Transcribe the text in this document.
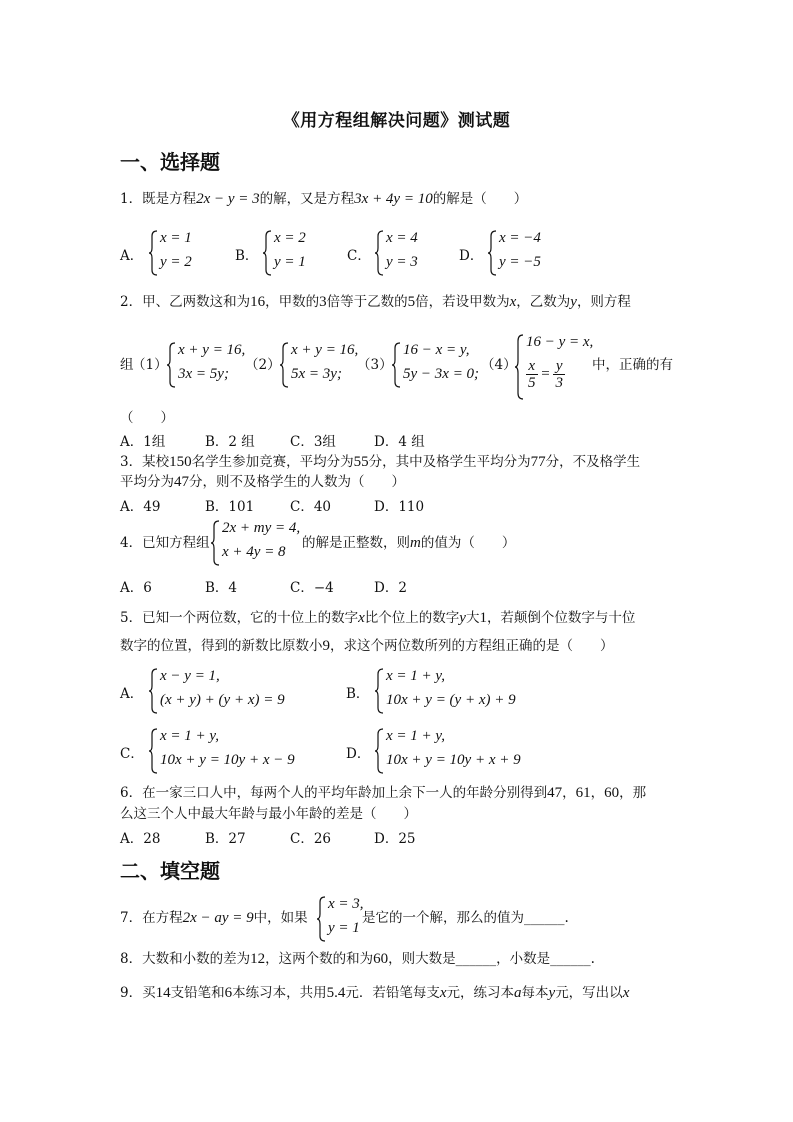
《用方程组解决问题》测试题
一、选择题
1．既是方程2x − y = 3的解，又是方程3x + 4y = 10的解是（　　）
A．
x = 1
y = 2	B．
x = 2
y = 1	C．
x = 4
y = 3	D．
x = −4
y = −5
2．甲、乙两数这和为16，甲数的3倍等于乙数的5倍，若设甲数为x，乙数为y，则方程
组
（1）
x + y = 16,
3x = 5y;
（2）
x + y = 16,
5x = 3y;
（3）
16 − x = y,
5y − 3x = 0;
（4）
16 − y = x,
$\frac{x}{5} = \frac{y}{3}$ 中，正确的有
（　　）
A．1组	B．2 组	C．3组	D．4 组
3．某校150名学生参加竞赛，平均分为55分，其中及格学生平均分为77分，不及格学生
平均分为47分，则不及格学生的人数为（　　）
A．49	B．101	C．40	D．110
4．已知方程组
2x + my = 4,
x + 4y = 8
的解是正整数，则m的值为（　　）
A．6	B．4	C．−4	D．2
5．已知一个两位数，它的十位上的数字x比个位上的数字y大1，若颠倒个位数字与十位
数字的位置，得到的新数比原数小9，求这个两位数所列的方程组正确的是（　　）
A．
x − y = 1,
(x + y) + (y + x) = 9	B．
x = 1 + y,
10x + y = (y + x) + 9
C．
x = 1 + y,
10x + y = 10y + x − 9	D．
x = 1 + y,
10x + y = 10y + x + 9
6．在一家三口人中，每两个人的平均年龄加上余下一人的年龄分别得到47，61，60，那
么这三个人中最大年龄与最小年龄的差是（　　）
A．28	B．27	C．26	D．25
二、填空题
7．在方程2x − ay = 9中，如果
x = 3,
y = 1
是它的一个解，那么的值为______.
8．大数和小数的差为12，这两个数的和为60，则大数是______，小数是______.
9．买14支铅笔和6本练习本，共用5.4元．若铅笔每支x元，练习本a每本y元，写出以x
